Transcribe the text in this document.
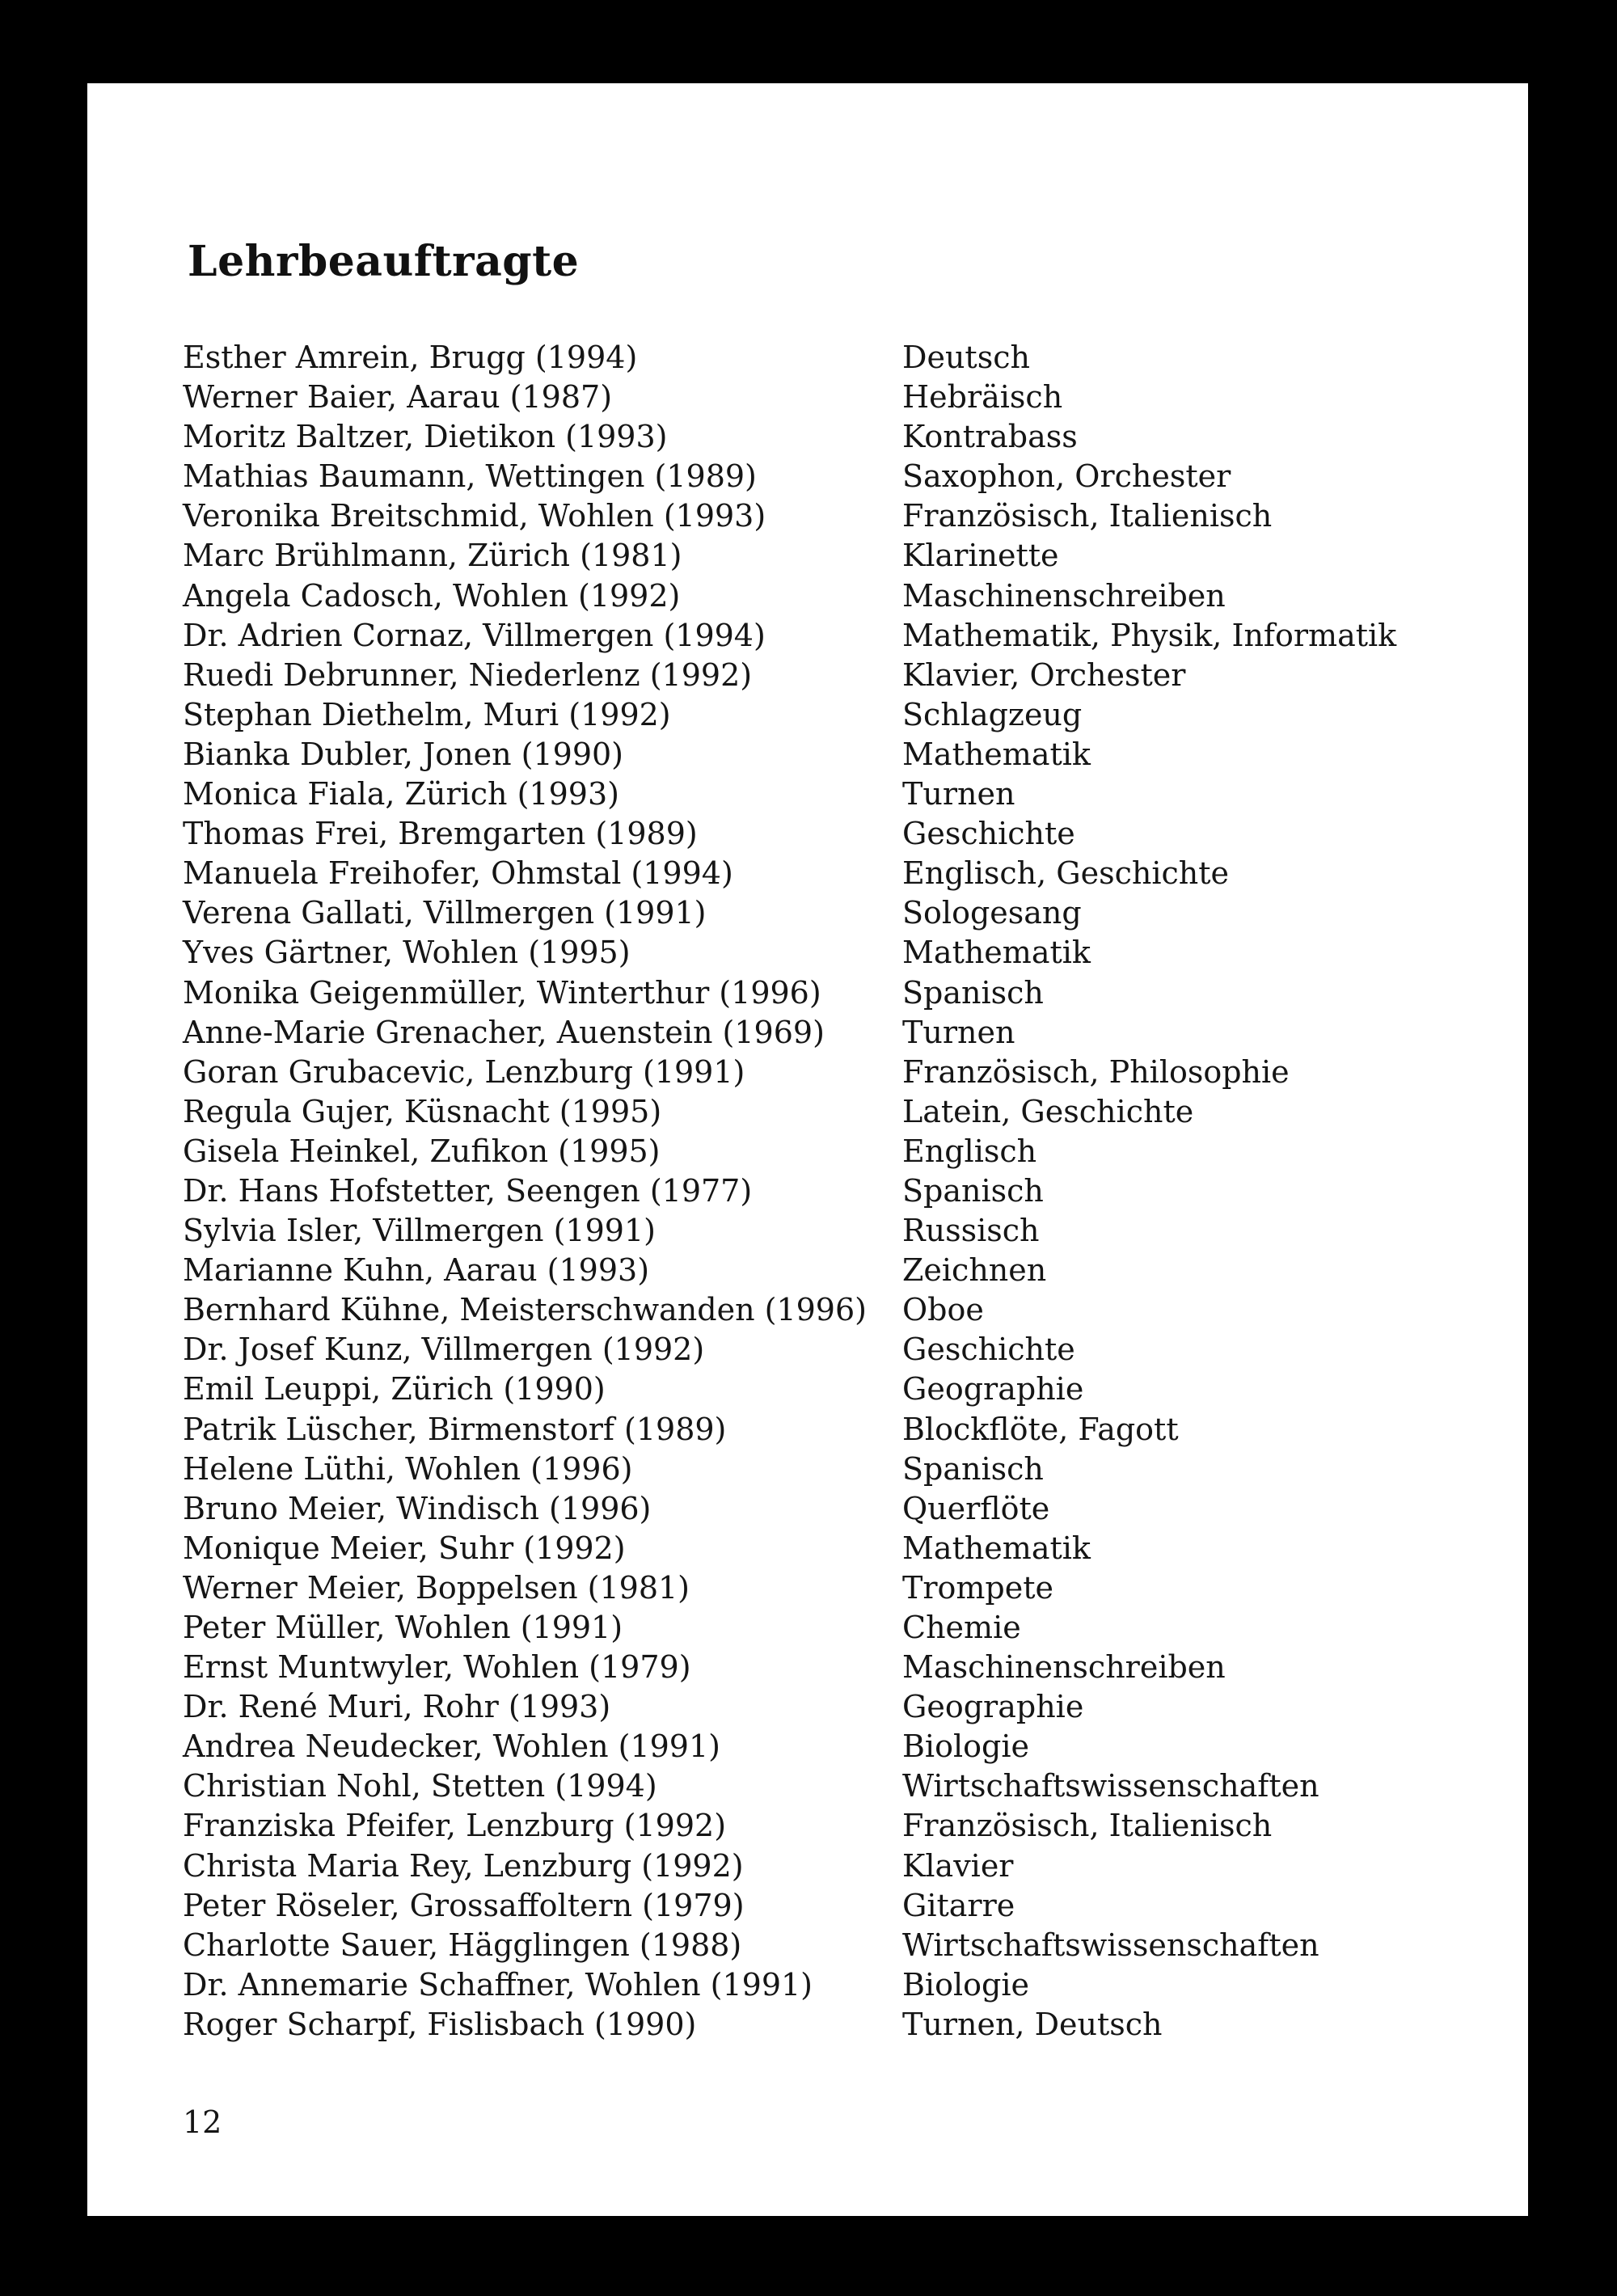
Lehrbeauftragte
Esther Amrein, Brugg (1994)	Deutsch
Werner Baier, Aarau (1987)	Hebräisch
Moritz Baltzer, Dietikon (1993)	Kontrabass
Mathias Baumann, Wettingen (1989)	Saxophon, Orchester
Veronika Breitschmid, Wohlen (1993)	Französisch, Italienisch
Marc Brühlmann, Zürich (1981)	Klarinette
Angela Cadosch, Wohlen (1992)	Maschinenschreiben
Dr. Adrien Cornaz, Villmergen (1994)	Mathematik, Physik, Informatik
Ruedi Debrunner, Niederlenz (1992)	Klavier, Orchester
Stephan Diethelm, Muri (1992)	Schlagzeug
Bianka Dubler, Jonen (1990)	Mathematik
Monica Fiala, Zürich (1993)	Turnen
Thomas Frei, Bremgarten (1989)	Geschichte
Manuela Freihofer, Ohmstal (1994)	Englisch, Geschichte
Verena Gallati, Villmergen (1991)	Sologesang
Yves Gärtner, Wohlen (1995)	Mathematik
Monika Geigenmüller, Winterthur (1996)	Spanisch
Anne-Marie Grenacher, Auenstein (1969)	Turnen
Goran Grubacevic, Lenzburg (1991)	Französisch, Philosophie
Regula Gujer, Küsnacht (1995)	Latein, Geschichte
Gisela Heinkel, Zufikon (1995)	Englisch
Dr. Hans Hofstetter, Seengen (1977)	Spanisch
Sylvia Isler, Villmergen (1991)	Russisch
Marianne Kuhn, Aarau (1993)	Zeichnen
Bernhard Kühne, Meisterschwanden (1996) Oboe
Dr. Josef Kunz, Villmergen (1992)	Geschichte
Emil Leuppi, Zürich (1990)	Geographie
Patrik Lüscher, Birmenstorf (1989)	Blockflöte, Fagott
Helene Lüthi, Wohlen (1996)	Spanisch
Bruno Meier, Windisch (1996)	Querflöte
Monique Meier, Suhr (1992)	Mathematik
Werner Meier, Boppelsen (1981)	Trompete
Peter Müller, Wohlen (1991)	Chemie
Ernst Muntwyler, Wohlen (1979)	Maschinenschreiben
Dr. René Muri, Rohr (1993)	Geographie
Andrea Neudecker, Wohlen (1991)	Biologie
Christian Nohl, Stetten (1994)	Wirtschaftswissenschaften
Franziska Pfeifer, Lenzburg (1992)	Französisch, Italienisch
Christa Maria Rey, Lenzburg (1992)	Klavier
Peter Röseler, Grossaffoltern (1979)	Gitarre
Charlotte Sauer, Hägglingen (1988)	Wirtschaftswissenschaften
Dr. Annemarie Schaffner, Wohlen (1991)	Biologie
Roger Scharpf, Fislisbach (1990)	Turnen, Deutsch
12
